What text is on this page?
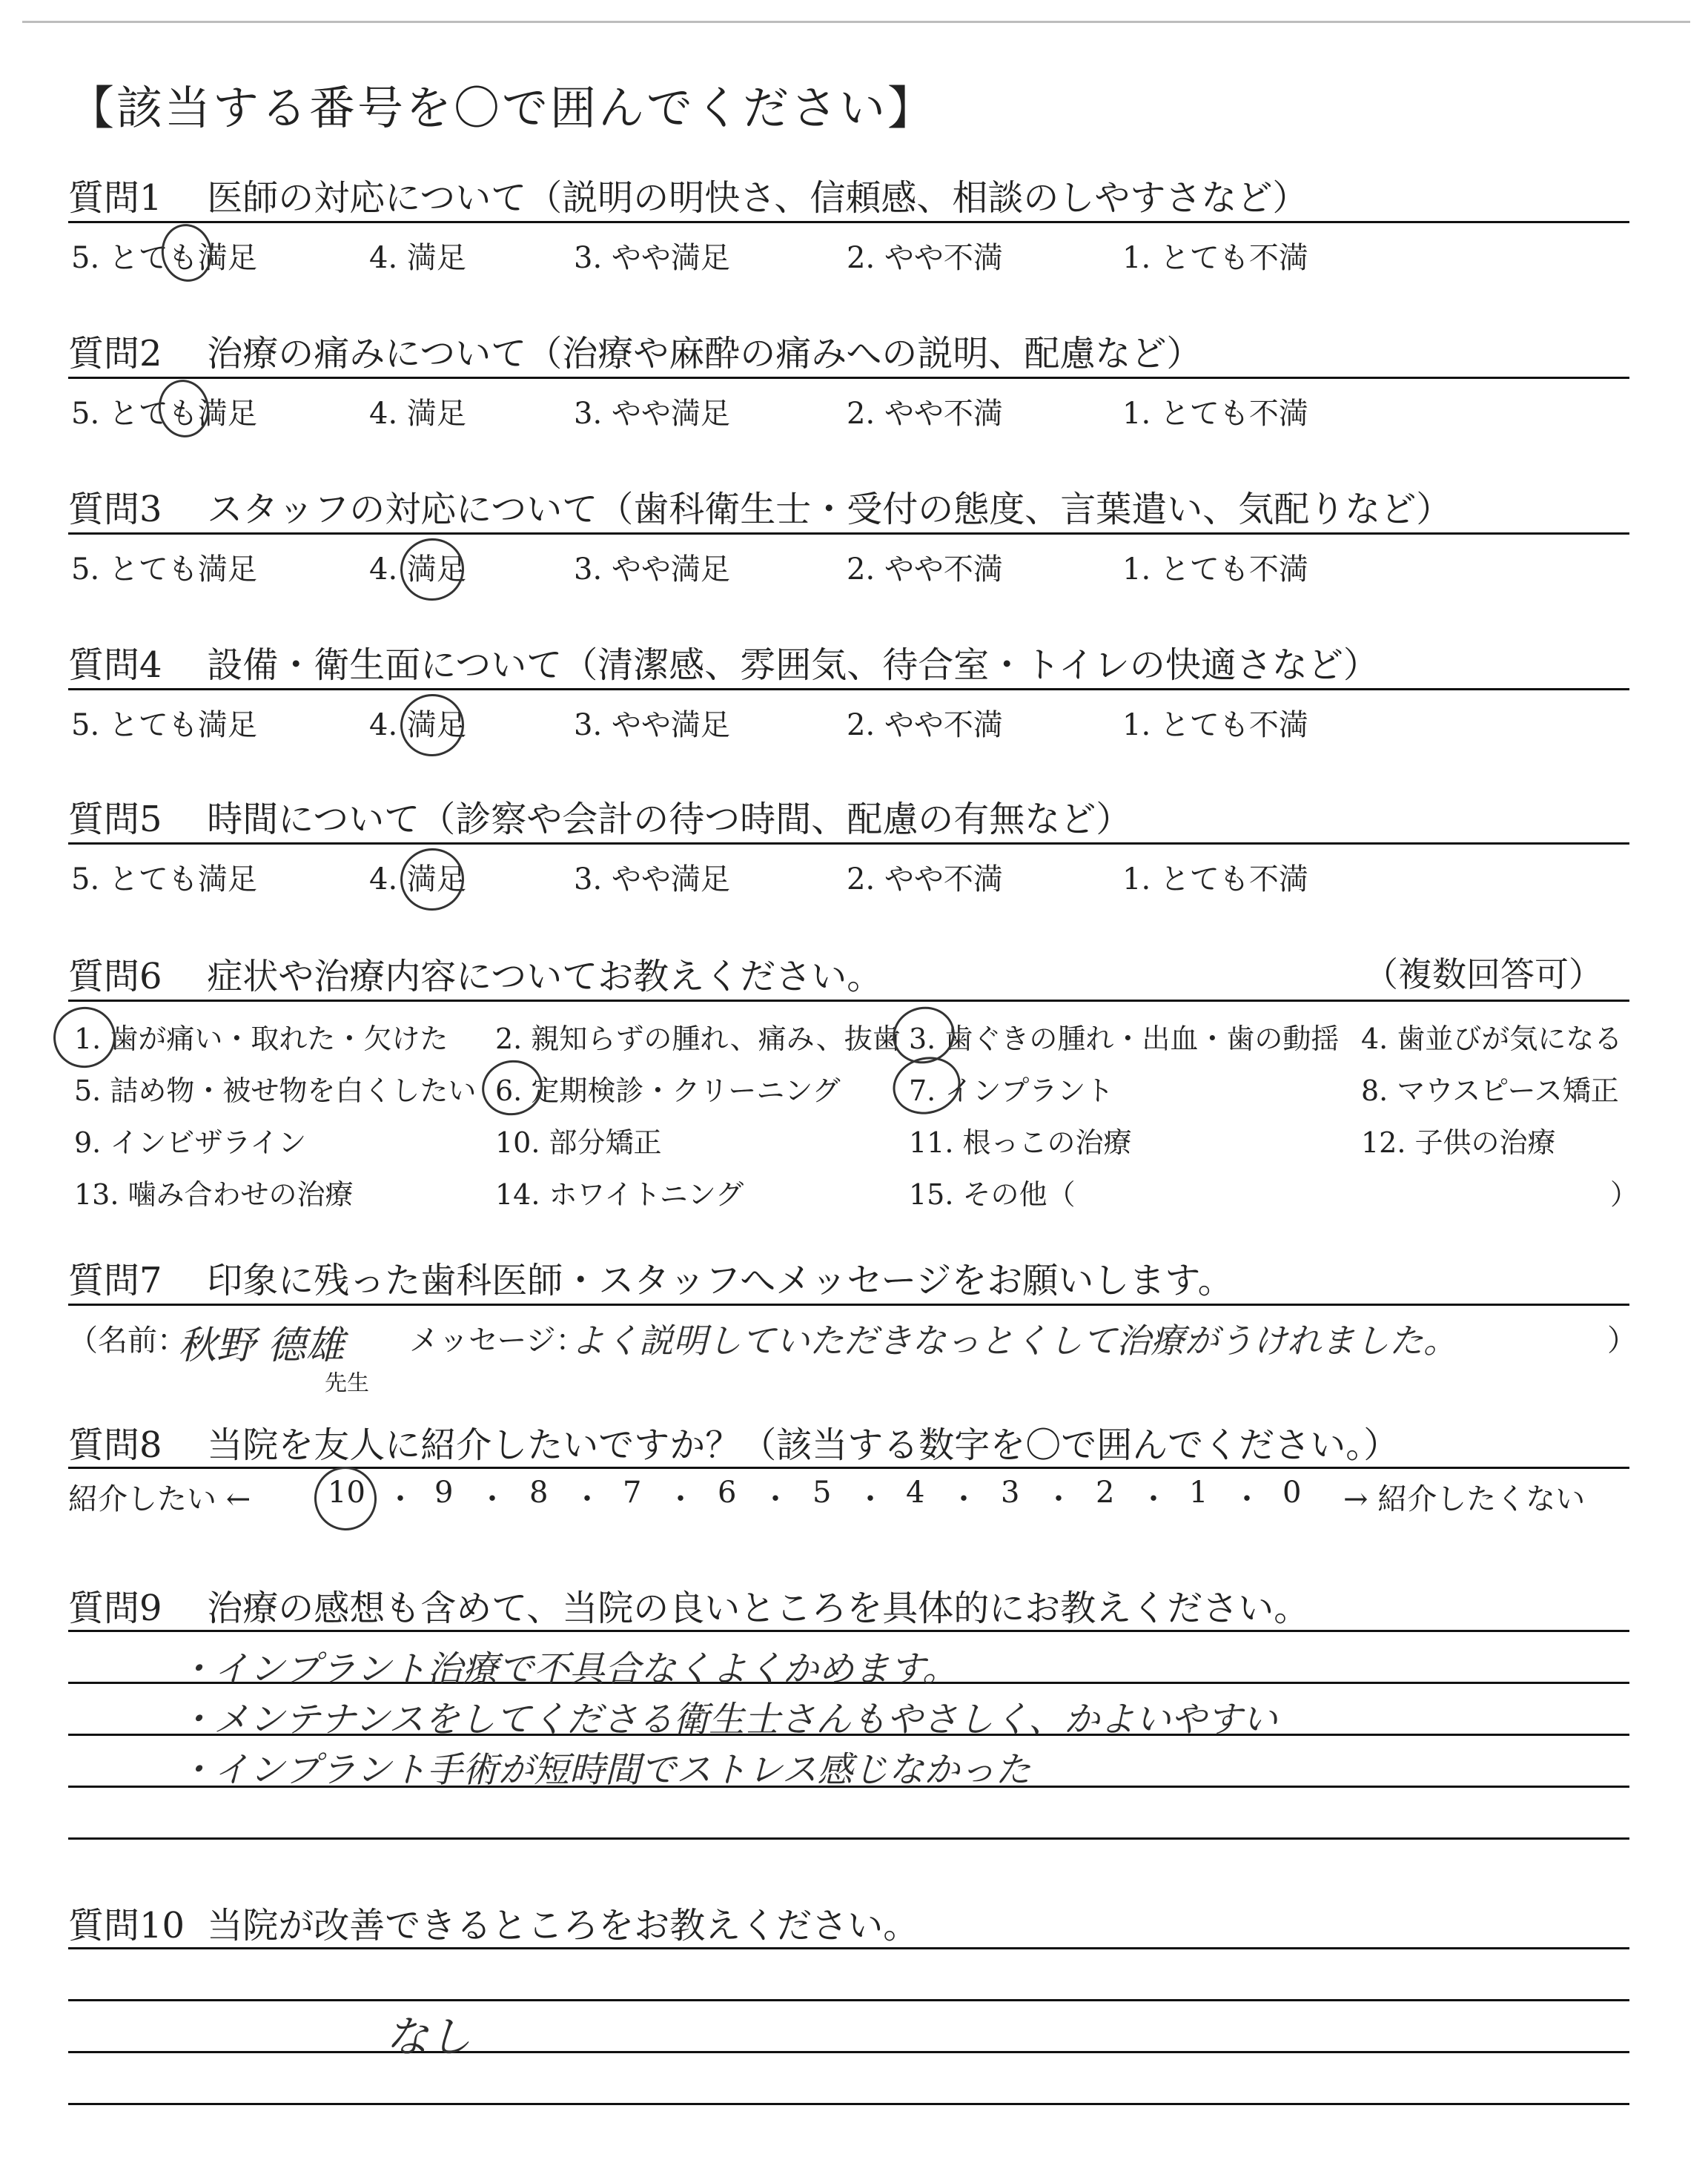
【該当する番号を〇で囲んでください】
質問1 医師の対応について（説明の明快さ、信頼感、相談のしやすさなど）
5. とても満足	4. 満足	3. やや満足	2. やや不満	1. とても不満
質問2 治療の痛みについて（治療や麻酔の痛みへの説明、配慮など）
5. とても満足	4. 満足	3. やや満足	2. やや不満	1. とても不満
質問3 スタッフの対応について（歯科衛生士・受付の態度、言葉遣い、気配りなど）
5. とても満足	4. 満足	3. やや満足	2. やや不満	1. とても不満
質問4 設備・衛生面について（清潔感、雰囲気、待合室・トイレの快適さなど）
5. とても満足	4. 満足	3. やや満足	2. やや不満	1. とても不満
質問5 時間について（診察や会計の待つ時間、配慮の有無など）
5. とても満足	4. 満足	3. やや満足	2. やや不満	1. とても不満
質問6 症状や治療内容についてお教えください。	（複数回答可）
1. 歯が痛い・取れた・欠けた 2. 親知らずの腫れ、痛み、抜歯 3. 歯ぐきの腫れ・出血・歯の動揺 4. 歯並びが気になる
5. 詰め物・被せ物を白くしたい 6. 定期検診・クリーニング 7. インプラント	8. マウスピース矯正
9. インビザライン	10. 部分矯正	11. 根っこの治療	12. 子供の治療
13. 噛み合わせの治療	14. ホワイトニング	15. その他（	）
質問7 印象に残った歯科医師・スタッフへメッセージをお願いします。
（名前：
秋野 德雄
先生
メッセージ：
よく説明していただきなっとくして治療がうけれました。	）
質問8 当院を友人に紹介したいですか？（該当する数字を〇で囲んでください。）
紹介したい ←	10 ・ 9 ・ 8 ・ 7 ・ 6 ・ 5 ・ 4 ・ 3 ・ 2 ・ 1 ・ 0 → 紹介したくない
質問9 治療の感想も含めて、当院の良いところを具体的にお教えください。
・インプラント治療で不具合なくよくかめます。
・メンテナンスをしてくださる衛生士さんもやさしく、かよいやすい
・インプラント手術が短時間でストレス感じなかった
質問10 当院が改善できるところをお教えください。
なし
